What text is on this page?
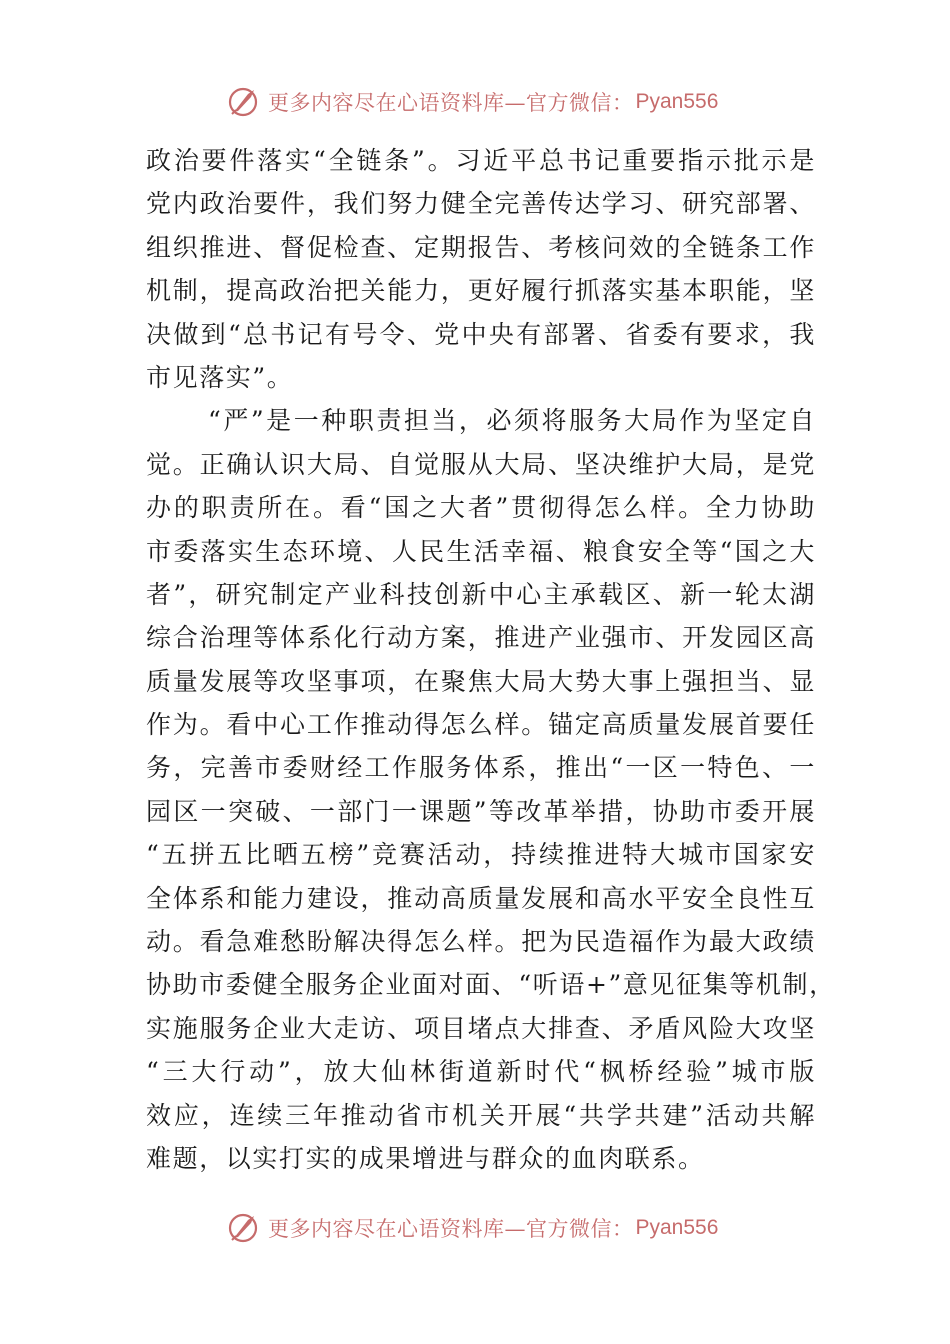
更多内容尽在心语资料库—官方微信： Pyan556
政治要件落实“全链条”。习近平总书记重要指示批示是
党内政治要件，我们努力健全完善传达学习、研究部署、
组织推进、督促检查、定期报告、考核问效的全链条工作
机制，提高政治把关能力，更好履行抓落实基本职能，坚
决做到“总书记有号令、党中央有部署、省委有要求，我
市见落实”。
“严”是一种职责担当，必须将服务大局作为坚定自
觉。正确认识大局、自觉服从大局、坚决维护大局，是党
办的职责所在。看“国之大者”贯彻得怎么样。全力协助
市委落实生态环境、人民生活幸福、粮食安全等“国之大
者”，研究制定产业科技创新中心主承载区、新一轮太湖
综合治理等体系化行动方案，推进产业强市、开发园区高
质量发展等攻坚事项，在聚焦大局大势大事上强担当、显
作为。看中心工作推动得怎么样。锚定高质量发展首要任
务，完善市委财经工作服务体系，推出“一区一特色、一
园区一突破、一部门一课题”等改革举措，协助市委开展
“五拼五比晒五榜”竞赛活动，持续推进特大城市国家安
全体系和能力建设，推动高质量发展和高水平安全良性互
动。看急难愁盼解决得怎么样。把为民造福作为最大政绩
协助市委健全服务企业面对面、“听语+”意见征集等机制，
实施服务企业大走访、项目堵点大排查、矛盾风险大攻坚
“三大行动”，放大仙林街道新时代“枫桥经验”城市版
效应，连续三年推动省市机关开展“共学共建”活动共解
难题，以实打实的成果增进与群众的血肉联系。
更多内容尽在心语资料库—官方微信： Pyan556
